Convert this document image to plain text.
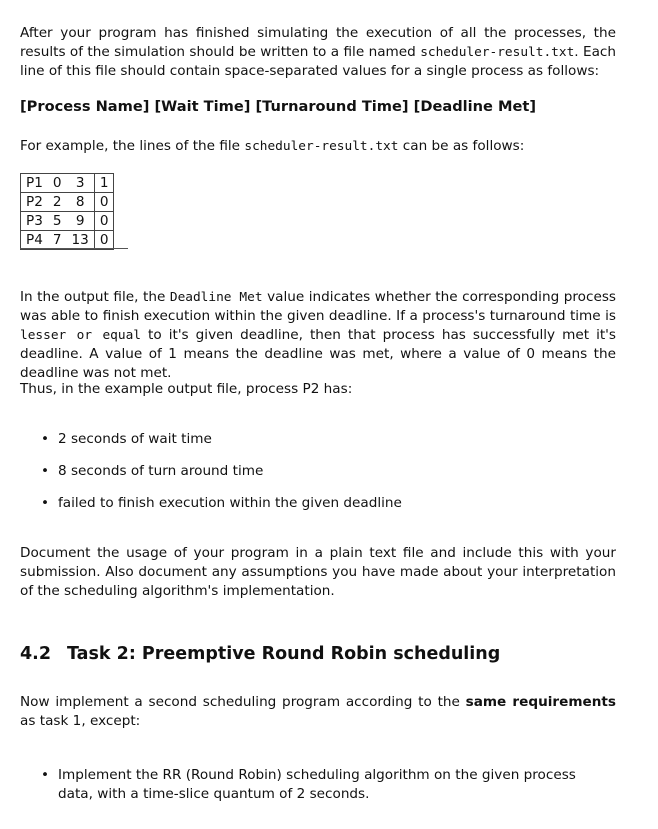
After your program has finished simulating the execution of all the processes, the results of the simulation should be written to a file named scheduler-result.txt. Each line of this file should contain space-separated values for a single process as follows:

[Process Name] [Wait Time] [Turnaround Time] [Deadline Met]

For example, the lines of the file scheduler-result.txt can be as follows:

P1	0	3	1
P2	2	8	0
P3	5	9	0
P4	7	13	0

In the output file, the Deadline Met value indicates whether the corresponding process was able to finish execution within the given deadline. If a process's turnaround time is lesser or equal to it's given deadline, then that process has successfully met it's deadline. A value of 1 means the deadline was met, where a value of 0 means the deadline was not met.

Thus, in the example output file, process P2 has:

• 2 seconds of wait time
• 8 seconds of turn around time
• failed to finish execution within the given deadline

Document the usage of your program in a plain text file and include this with your submission. Also document any assumptions you have made about your interpretation of the scheduling algorithm's implementation.

4.2 Task 2: Preemptive Round Robin scheduling

Now implement a second scheduling program according to the same requirements as task 1, except:

• Implement the RR (Round Robin) scheduling algorithm on the given process data, with a time-slice quantum of 2 seconds.
